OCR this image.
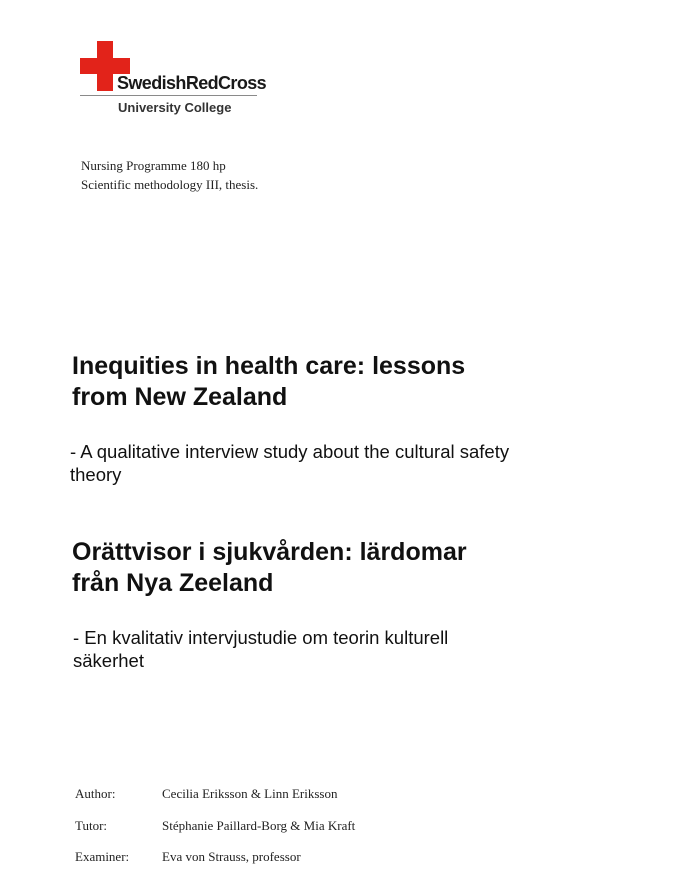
SwedishRedCross
University College
Nursing Programme 180 hp
Scientific methodology III, thesis.
Inequities in health care: lessons from New Zealand

- A qualitative interview study about the cultural safety theory

Orättvisor i sjukvården: lärdomar från Nya Zeeland

- En kvalitativ intervjustudie om teorin kulturell säkerhet

Author:	Cecilia Eriksson & Linn Eriksson
Tutor:	Stéphanie Paillard-Borg & Mia Kraft
Examiner:	Eva von Strauss, professor
